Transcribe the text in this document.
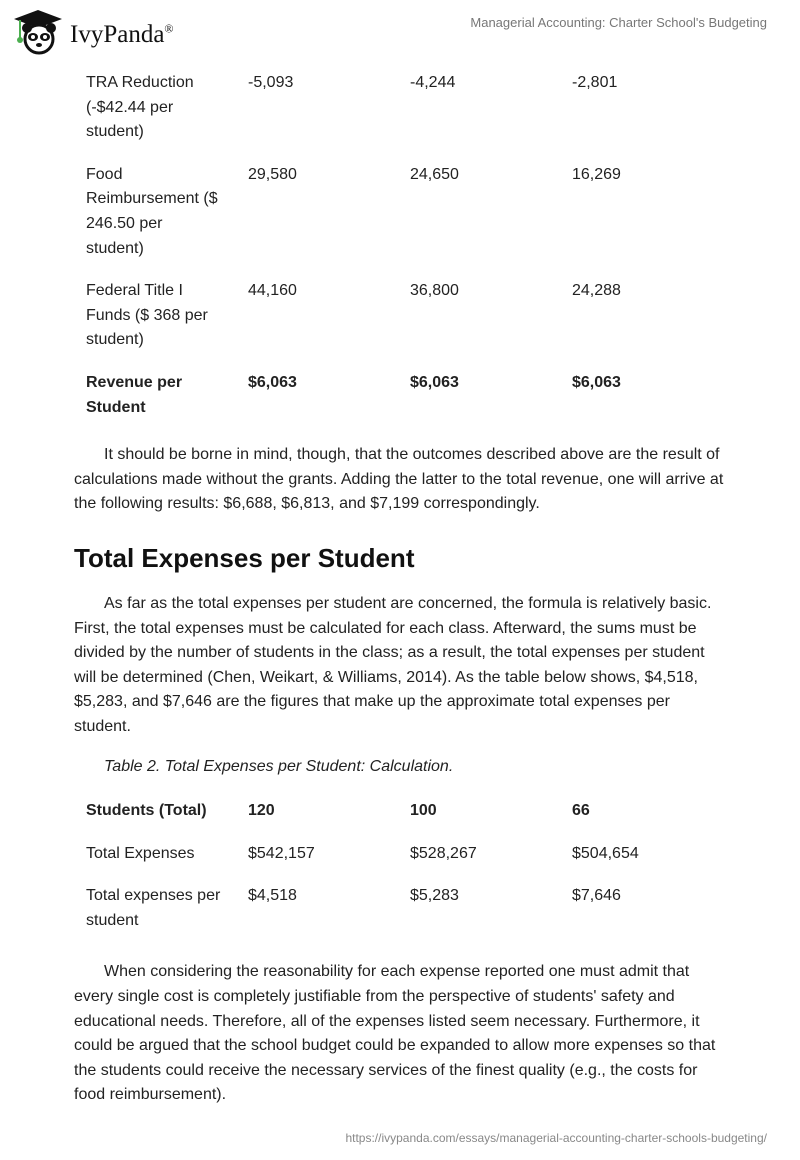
IvyPanda®	Managerial Accounting: Charter School's Budgeting
TRA Reduction (-$42.44 per student)	-5,093	-4,244	-2,801
Food Reimbursement ($ 246.50 per student)	29,580	24,650	16,269
Federal Title I Funds ($ 368 per student)	44,160	36,800	24,288
Revenue per Student	$6,063	$6,063	$6,063

It should be borne in mind, though, that the outcomes described above are the result of calculations made without the grants. Adding the latter to the total revenue, one will arrive at the following results: $6,688, $6,813, and $7,199 correspondingly.

Total Expenses per Student

As far as the total expenses per student are concerned, the formula is relatively basic. First, the total expenses must be calculated for each class. Afterward, the sums must be divided by the number of students in the class; as a result, the total expenses per student will be determined (Chen, Weikart, & Williams, 2014). As the table below shows, $4,518, $5,283, and $7,646 are the figures that make up the approximate total expenses per student.

Table 2. Total Expenses per Student: Calculation.
Students (Total)	120	100	66
Total Expenses	$542,157	$528,267	$504,654
Total expenses per student	$4,518	$5,283	$7,646

When considering the reasonability for each expense reported one must admit that every single cost is completely justifiable from the perspective of students' safety and educational needs. Therefore, all of the expenses listed seem necessary. Furthermore, it could be argued that the school budget could be expanded to allow more expenses so that the students could receive the necessary services of the finest quality (e.g., the costs for food reimbursement).

https://ivypanda.com/essays/managerial-accounting-charter-schools-budgeting/
